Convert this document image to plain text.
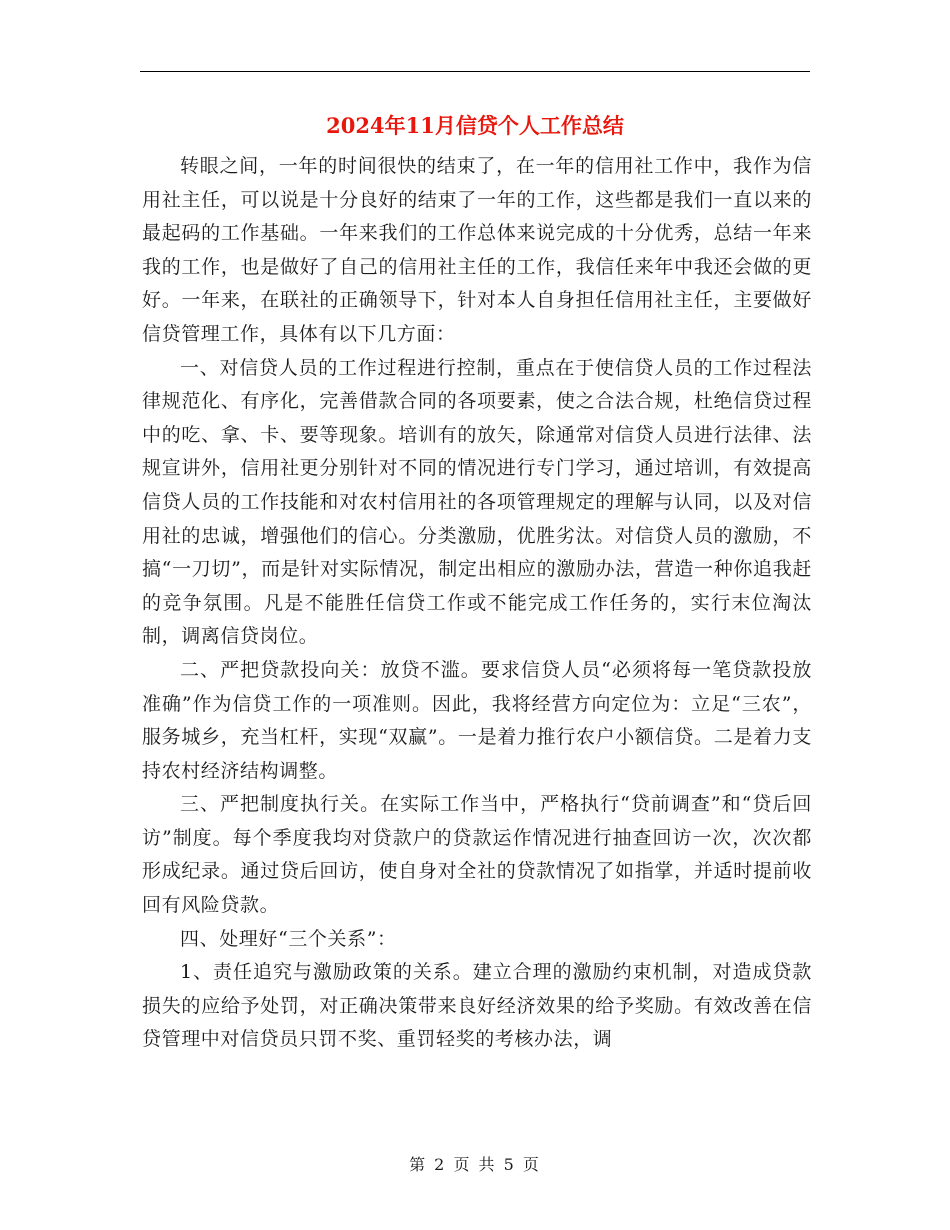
2024年11月信贷个人工作总结

转眼之间，一年的时间很快的结束了，在一年的信用社工作中，我作为信用社主任，可以说是十分良好的结束了一年的工作，这些都是我们一直以来的最起码的工作基础。一年来我们的工作总体来说完成的十分优秀，总结一年来我的工作，也是做好了自己的信用社主任的工作，我信任来年中我还会做的更好。一年来，在联社的正确领导下，针对本人自身担任信用社主任，主要做好信贷管理工作，具体有以下几方面：

一、对信贷人员的工作过程进行控制，重点在于使信贷人员的工作过程法律规范化、有序化，完善借款合同的各项要素，使之合法合规，杜绝信贷过程中的吃、拿、卡、要等现象。培训有的放矢，除通常对信贷人员进行法律、法规宣讲外，信用社更分别针对不同的情况进行专门学习，通过培训，有效提高信贷人员的工作技能和对农村信用社的各项管理规定的理解与认同，以及对信用社的忠诚，增强他们的信心。分类激励，优胜劣汰。对信贷人员的激励，不搞“一刀切”，而是针对实际情况，制定出相应的激励办法，营造一种你追我赶的竞争氛围。凡是不能胜任信贷工作或不能完成工作任务的，实行末位淘汰制，调离信贷岗位。

二、严把贷款投向关：放贷不滥。要求信贷人员“必须将每一笔贷款投放准确”作为信贷工作的一项准则。因此，我将经营方向定位为：立足“三农”，服务城乡，充当杠杆，实现“双赢”。一是着力推行农户小额信贷。二是着力支持农村经济结构调整。

三、严把制度执行关。在实际工作当中，严格执行“贷前调查”和“贷后回访”制度。每个季度我均对贷款户的贷款运作情况进行抽查回访一次，次次都形成纪录。通过贷后回访，使自身对全社的贷款情况了如指掌，并适时提前收回有风险贷款。

四、处理好“三个关系”：

1、责任追究与激励政策的关系。建立合理的激励约束机制，对造成贷款损失的应给予处罚，对正确决策带来良好经济效果的给予奖励。有效改善在信贷管理中对信贷员只罚不奖、重罚轻奖的考核办法，调

第 2 页 共 5 页
